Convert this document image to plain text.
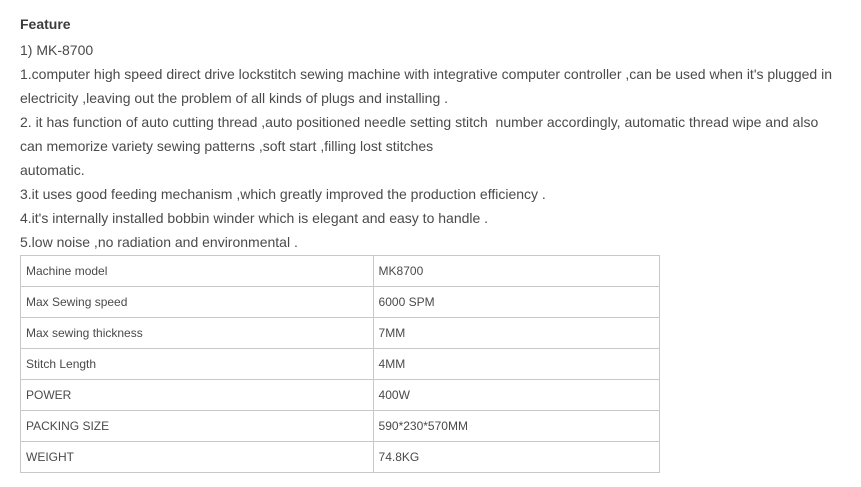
Feature

1) MK-8700

1.computer high speed direct drive lockstitch sewing machine with integrative computer controller ,can be used when it's plugged in

electricity ,leaving out the problem of all kinds of plugs and installing .

2. it has function of auto cutting thread ,auto positioned needle setting stitch  number accordingly, automatic thread wipe and also

can memorize variety sewing patterns ,soft start ,filling lost stitches

automatic.

3.it uses good feeding mechanism ,which greatly improved the production efficiency .

4.it's internally installed bobbin winder which is elegant and easy to handle .

5.low noise ,no radiation and environmental .

Machine model	MK8700
Max Sewing speed	6000 SPM
Max sewing thickness	7MM
Stitch Length	4MM
POWER	400W
PACKING SIZE	590*230*570MM
WEIGHT	74.8KG
